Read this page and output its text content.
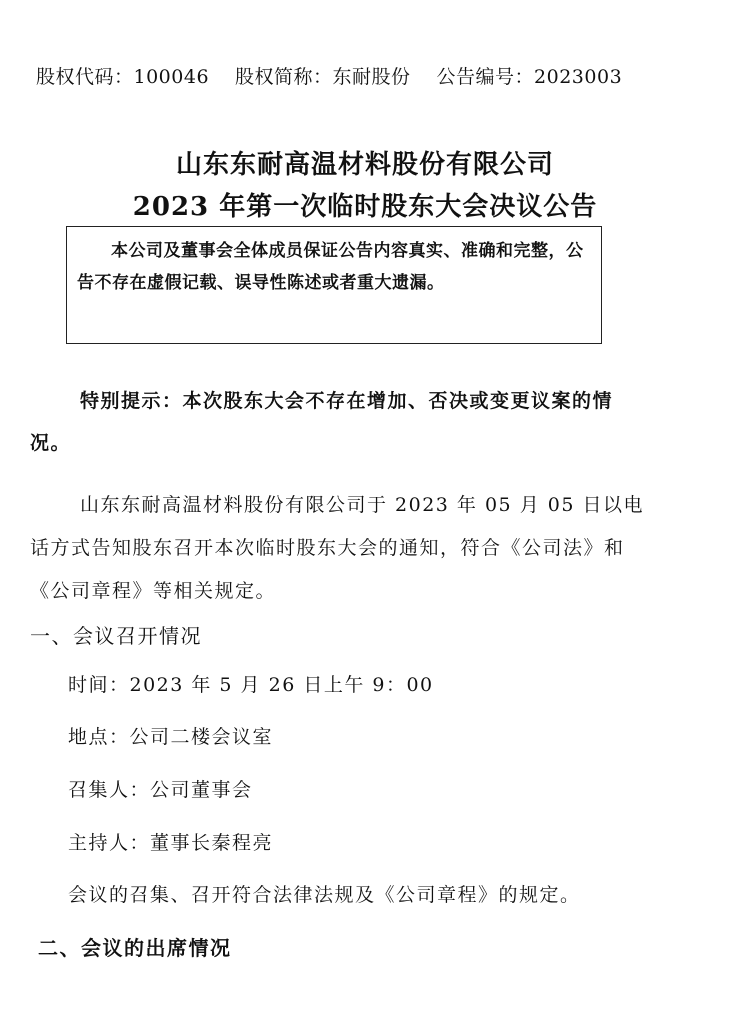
股权代码：100046 股权简称：东耐股份 公告编号：2023003
山东东耐高温材料股份有限公司
2023 年第一次临时股东大会决议公告
本公司及董事会全体成员保证公告内容真实、准确和完整，公告不存在虚假记载、误导性陈述或者重大遗漏。
特别提示：本次股东大会不存在增加、否决或变更议案的情况。
山东东耐高温材料股份有限公司于 2023 年 05 月 05 日以电话方式告知股东召开本次临时股东大会的通知，符合《公司法》和《公司章程》等相关规定。
一、会议召开情况
时间：2023 年 5 月 26 日上午 9：00
地点：公司二楼会议室
召集人：公司董事会
主持人：董事长秦程亮
会议的召集、召开符合法律法规及《公司章程》的规定。
二、会议的出席情况
